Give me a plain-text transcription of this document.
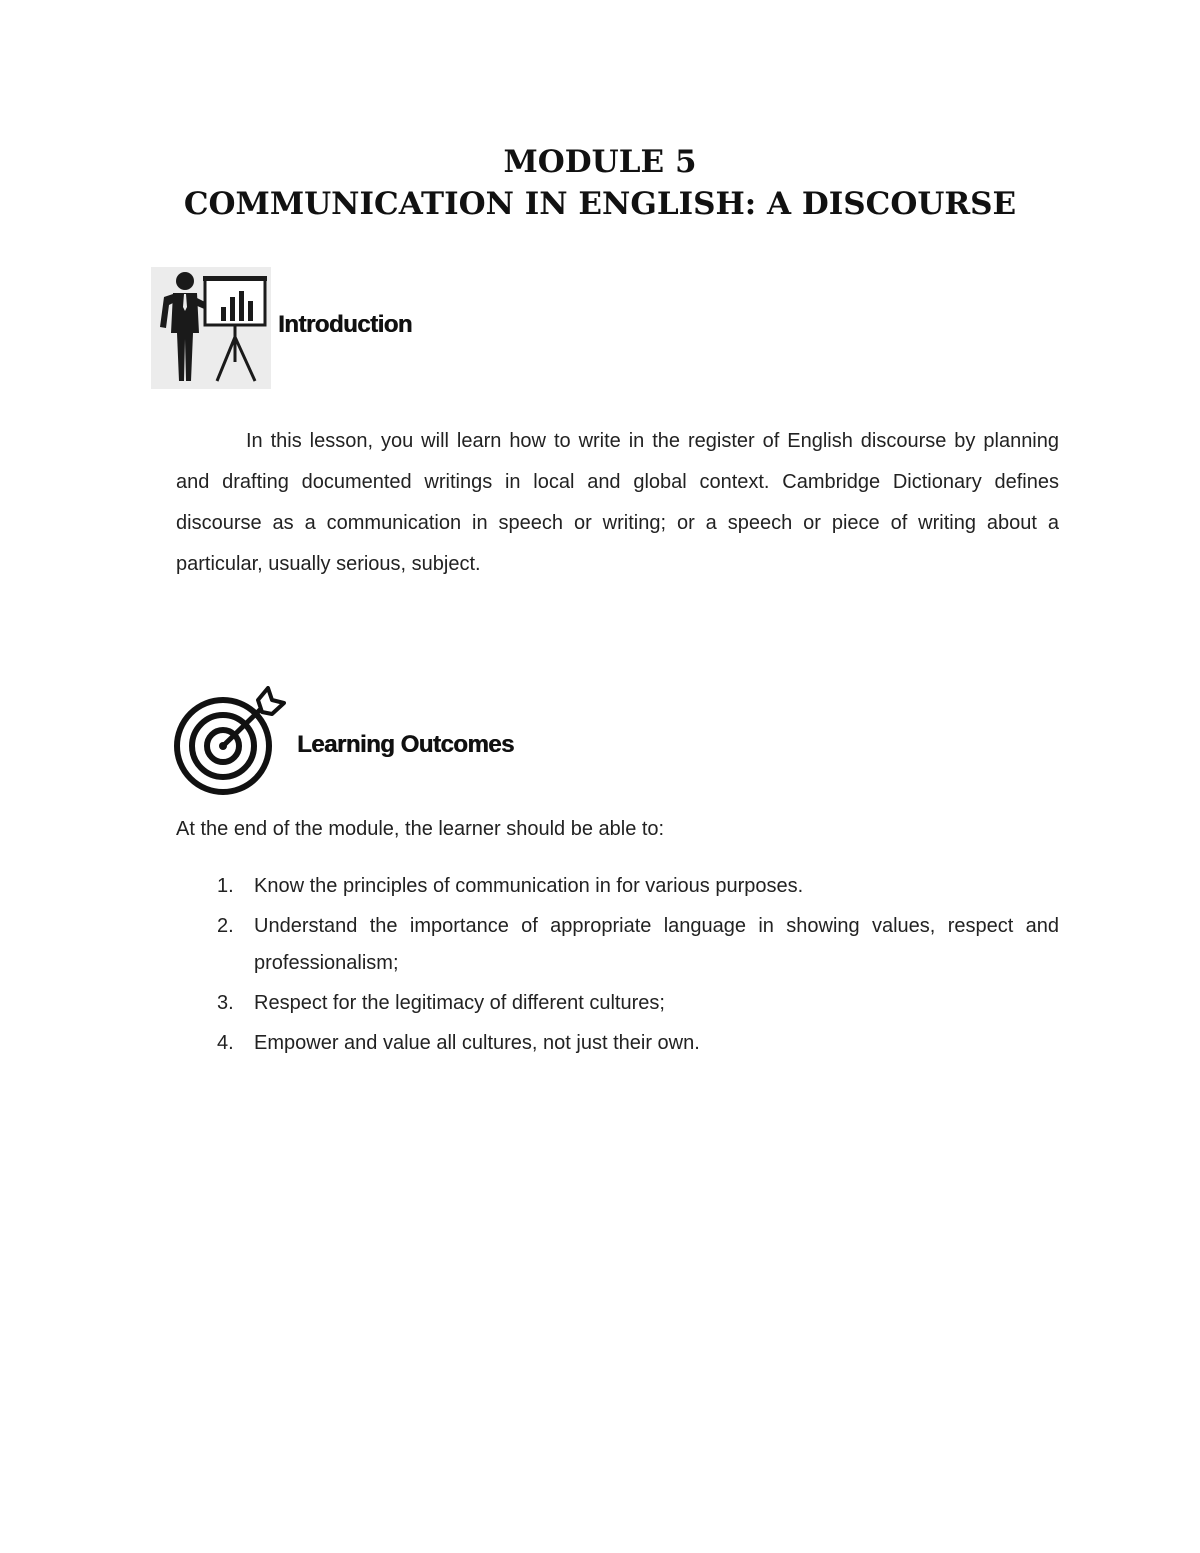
MODULE 5
COMMUNICATION IN ENGLISH: A DISCOURSE
Introduction
In this lesson, you will learn how to write in the register of English discourse by planning and drafting documented writings in local and global context. Cambridge Dictionary defines discourse as a communication in speech or writing; or a speech or piece of writing about a particular, usually serious, subject.
Learning Outcomes
At the end of the module, the learner should be able to:
1. Know the principles of communication in for various purposes.
2. Understand the importance of appropriate language in showing values, respect and professionalism;
3. Respect for the legitimacy of different cultures;
4. Empower and value all cultures, not just their own.
